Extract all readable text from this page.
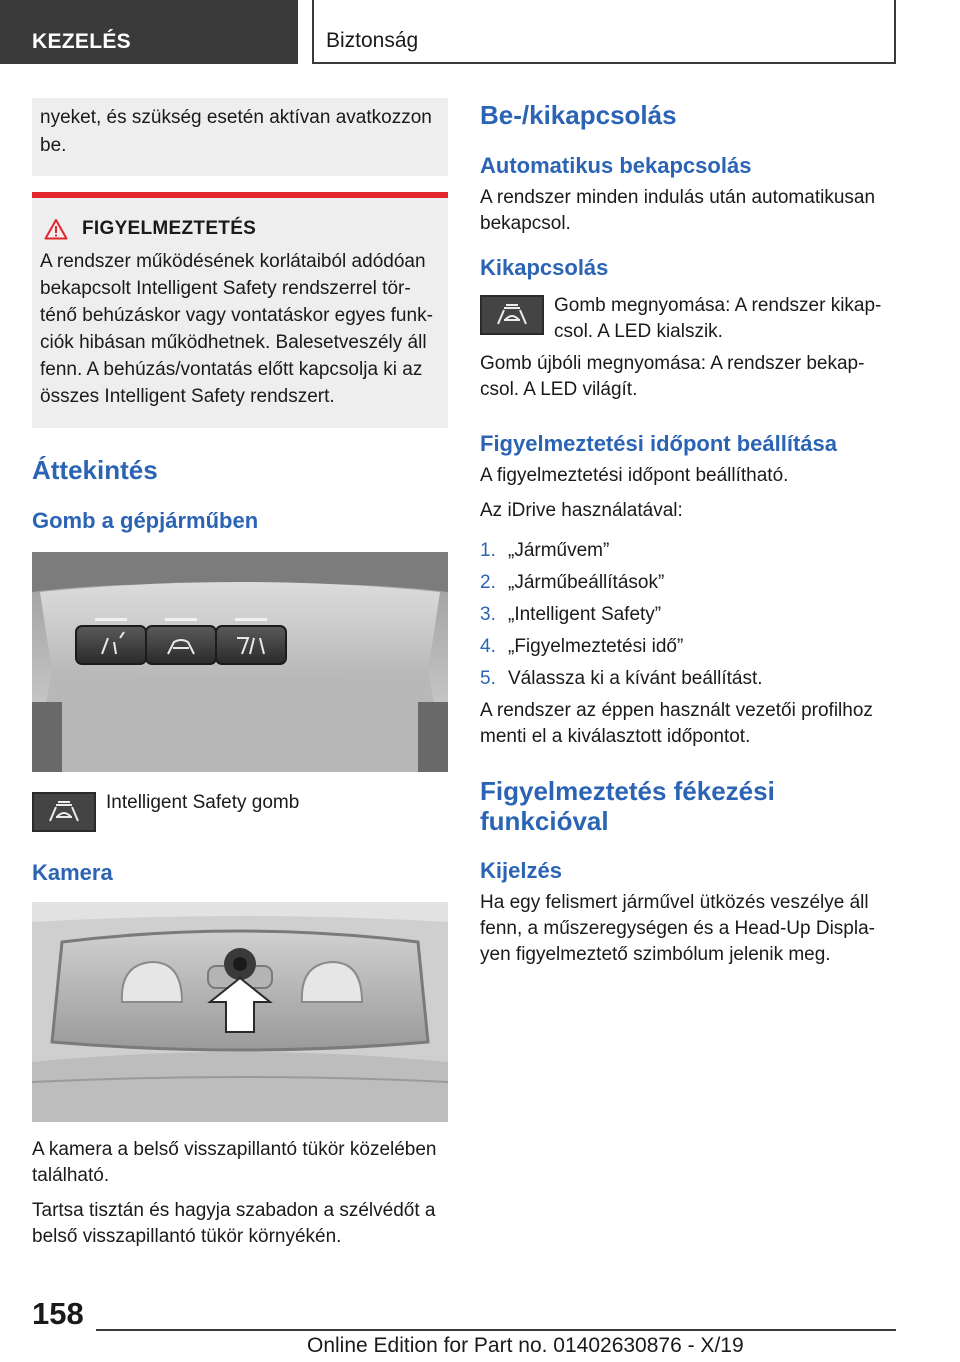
KEZELÉS	Biztonság

nyeket, és szükség esetén aktívan avatkozzon be.

FIGYELMEZTETÉS

A rendszer működésének korlátaiból adódóan bekapcsolt Intelligent Safety rendszerrel történő behúzáskor vagy vontatáskor egyes funkciók hibásan működhetnek. Balesetveszély áll fenn. A behúzás/vontatás előtt kapcsolja ki az összes Intelligent Safety rendszert.

Áttekintés
Gomb a gépjárműben

Intelligent Safety gomb

Kamera

A kamera a belső visszapillantó tükör közelében található.

Tartsa tisztán és hagyja szabadon a szélvédőt a belső visszapillantó tükör környékén.

Be-/kikapcsolás
Automatikus bekapcsolás

A rendszer minden indulás után automatikusan bekapcsol.

Kikapcsolás

Gomb megnyomása: A rendszer kikapcsol. A LED kialszik.

Gomb újbóli megnyomása: A rendszer bekapcsol. A LED világít.

Figyelmeztetési időpont beállítása

A figyelmeztetési időpont beállítható.

Az iDrive használatával:

1. „Járművem”
2. „Járműbeállítások”
3. „Intelligent Safety”
4. „Figyelmeztetési idő”
5. Válassza ki a kívánt beállítást.

A rendszer az éppen használt vezetői profilhoz menti el a kiválasztott időpontot.

Figyelmeztetés fékezési funkcióval
Kijelzés

Ha egy felismert járművel ütközés veszélye áll fenn, a műszeregységen és a Head-Up Displayen figyelmeztető szimbólum jelenik meg.

158
Online Edition for Part no. 01402630876 - X/19
